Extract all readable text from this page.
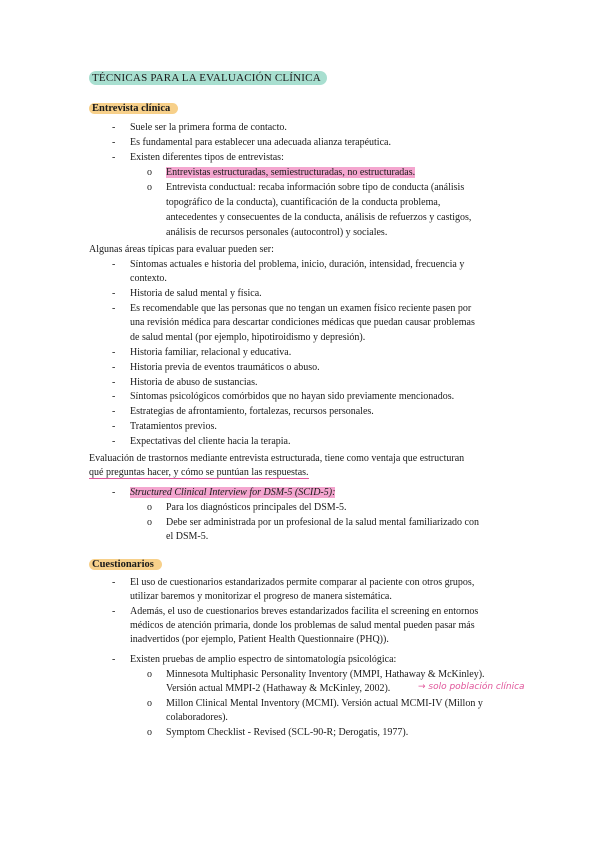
TÉCNICAS PARA LA EVALUACIÓN CLÍNICA
Entrevista clínica
- Suele ser la primera forma de contacto.
- Es fundamental para establecer una adecuada alianza terapéutica.
- Existen diferentes tipos de entrevistas:
o Entrevistas estructuradas, semiestructuradas, no estructuradas.
o Entrevista conductual: recaba información sobre tipo de conducta (análisis
topográfico de la conducta), cuantificación de la conducta problema,
antecedentes y consecuentes de la conducta, análisis de refuerzos y castigos,
análisis de recursos personales (autocontrol) y sociales.
Algunas áreas típicas para evaluar pueden ser:
- Síntomas actuales e historia del problema, inicio, duración, intensidad, frecuencia y
contexto.
- Historia de salud mental y física.
- Es recomendable que las personas que no tengan un examen físico reciente pasen por
una revisión médica para descartar condiciones médicas que puedan causar problemas
de salud mental (por ejemplo, hipotiroidismo y depresión).
- Historia familiar, relacional y educativa.
- Historia previa de eventos traumáticos o abuso.
- Historia de abuso de sustancias.
- Síntomas psicológicos comórbidos que no hayan sido previamente mencionados.
- Estrategias de afrontamiento, fortalezas, recursos personales.
- Tratamientos previos.
- Expectativas del cliente hacia la terapia.
Evaluación de trastornos mediante entrevista estructurada, tiene como ventaja que estructuran
qué preguntas hacer, y cómo se puntúan las respuestas.
- Structured Clinical Interview for DSM-5 (SCID-5):
o Para los diagnósticos principales del DSM-5.
o Debe ser administrada por un profesional de la salud mental familiarizado con
el DSM-5.
Cuestionarios
- El uso de cuestionarios estandarizados permite comparar al paciente con otros grupos,
utilizar baremos y monitorizar el progreso de manera sistemática.
- Además, el uso de cuestionarios breves estandarizados facilita el screening en entornos
médicos de atención primaria, donde los problemas de salud mental pueden pasar más
inadvertidos (por ejemplo, Patient Health Questionnaire (PHQ)).
- Existen pruebas de amplio espectro de sintomatología psicológica:
o Minnesota Multiphasic Personality Inventory (MMPI, Hathaway & McKinley).
Versión actual MMPI-2 (Hathaway & McKinley, 2002).	→ solo población clínica
o Millon Clinical Mental Inventory (MCMI). Versión actual MCMI-IV (Millon y
colaboradores).
o Symptom Checklist - Revised (SCL-90-R; Derogatis, 1977).
